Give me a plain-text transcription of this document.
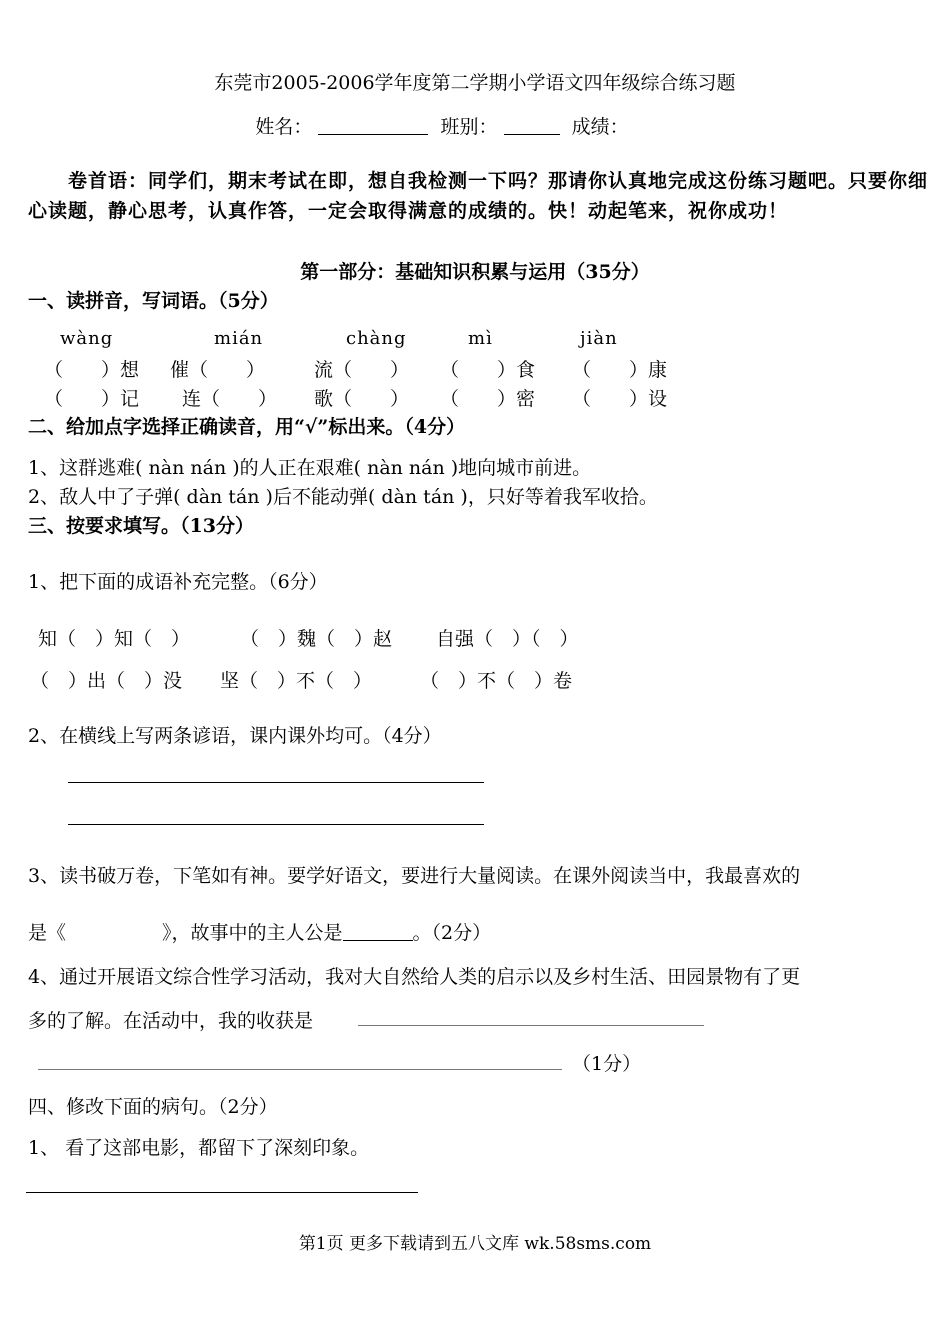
东莞市2005-2006学年度第二学期小学语文四年级综合练习题
姓名：	班别：	成绩：
卷首语：同学们，期末考试在即，想自我检测一下吗？那请你认真地完成这份练习题吧。只要你细心读题，静心思考，认真作答，一定会取得满意的成绩的。快！动起笔来，祝你成功！
第一部分：基础知识积累与运用（35分）
一、读拼音，写词语。（5分）
wàng	mián	chàng	mì	jiàn
（　　）想 催（　　）	流（　　） （　　）食 （　　）康
（　　）记 连（　　） 歌（　　） （　　）密 （　　）设
二、给加点字选择正确读音，用“√”标出来。（4分）
1、这群逃难( nàn nán )的人正在艰难( nàn nán )地向城市前进。
2、敌人中了子弹( dàn tán )后不能动弹( dàn tán )，只好等着我军收拾。
三、按要求填写。（13分）
1、把下面的成语补充完整。（6分）
知（　）知（　）	（　）魏（　）赵 自强（　）（　）
（　）出（　）没 坚（　）不（　）	（　）不（　）卷
2、在横线上写两条谚语，课内课外均可。（4分）
3、读书破万卷，下笔如有神。要学好语文，要进行大量阅读。在课外阅读当中，我最喜欢的
是《	》，故事中的主人公是	。（2分）
4、通过开展语文综合性学习活动，我对大自然给人类的启示以及乡村生活、田园景物有了更
多的了解。在活动中，我的收获是
（1分）
四、修改下面的病句。（2分）
1、 看了这部电影，都留下了深刻印象。
第1页 更多下载请到五八文库 wk.58sms.com
